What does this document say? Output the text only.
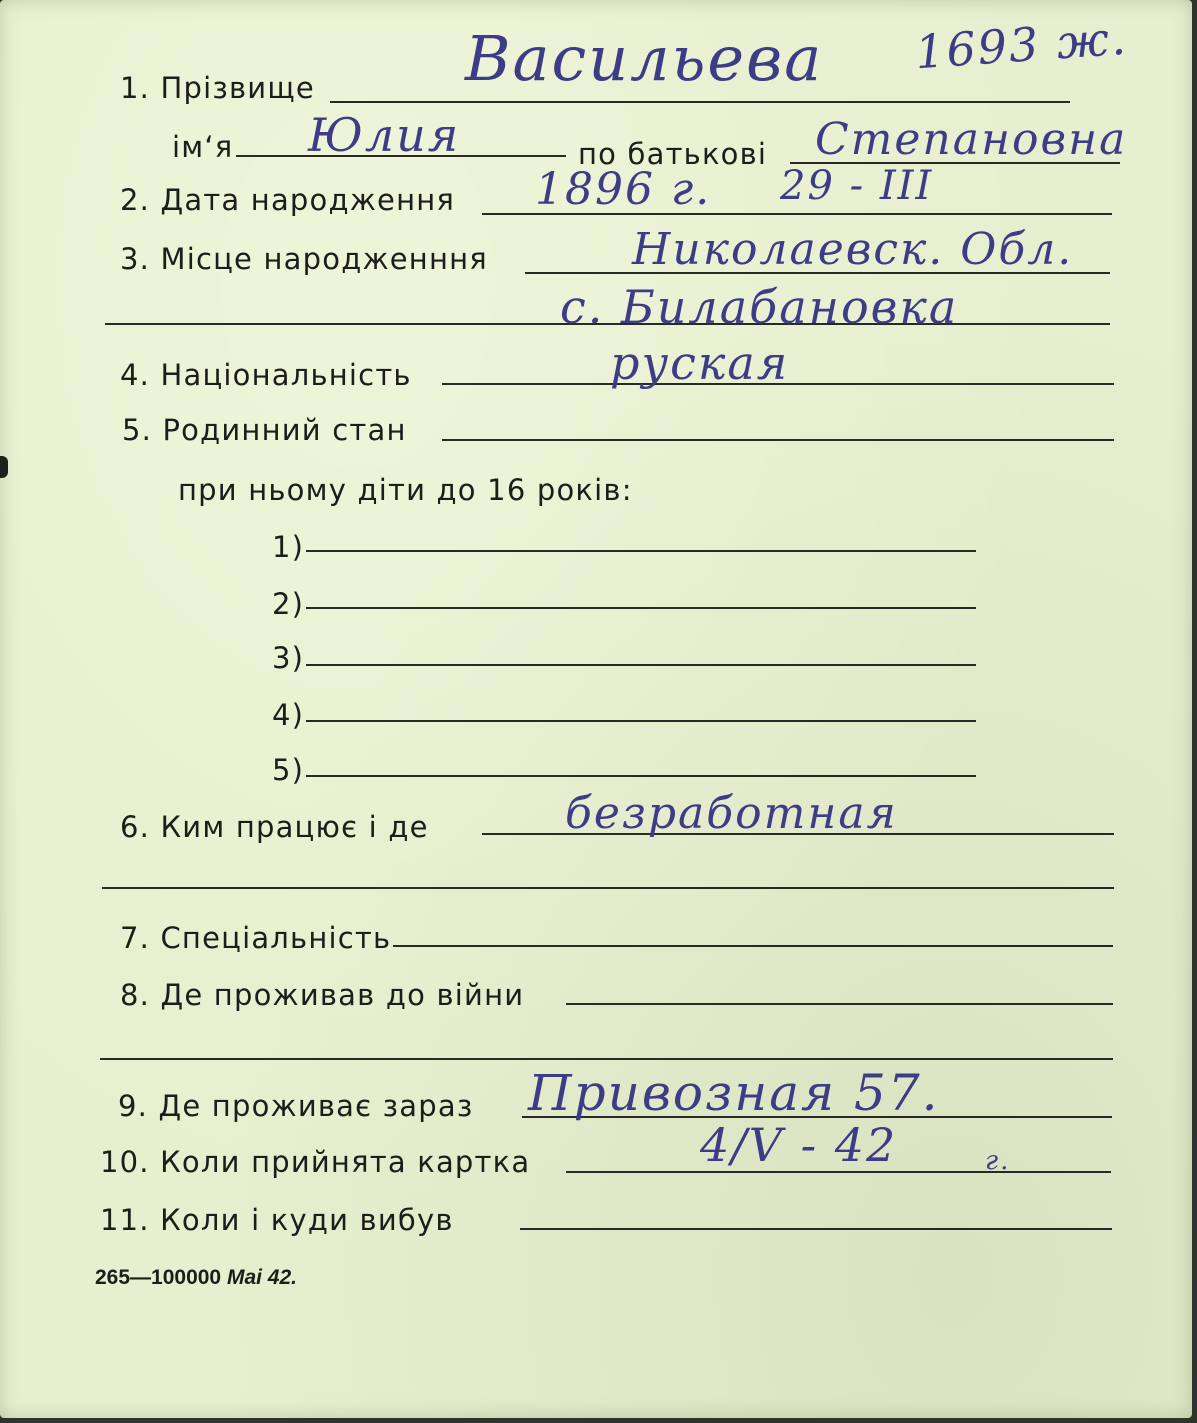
1. Прізвище Васильева 1693 ж.
ім‘я Юлия	по батькові Степановна
2. Дата народження 1896 г. 29 - III
3. Місце народженння	Николаевск. Обл.
с. Билабановка
4. Національність	руская
5. Родинний стан
при ньому діти до 16 років:
1)
2)
3)
4)
5)
6. Ким працює і де	безработная
7. Спеціальність
8. Де проживав до війни
9. Де проживає зараз Привозная 57.
10. Коли прийнята картка	4/V - 42	г.
11. Коли і куди вибув
265—100000 Mai 42.
